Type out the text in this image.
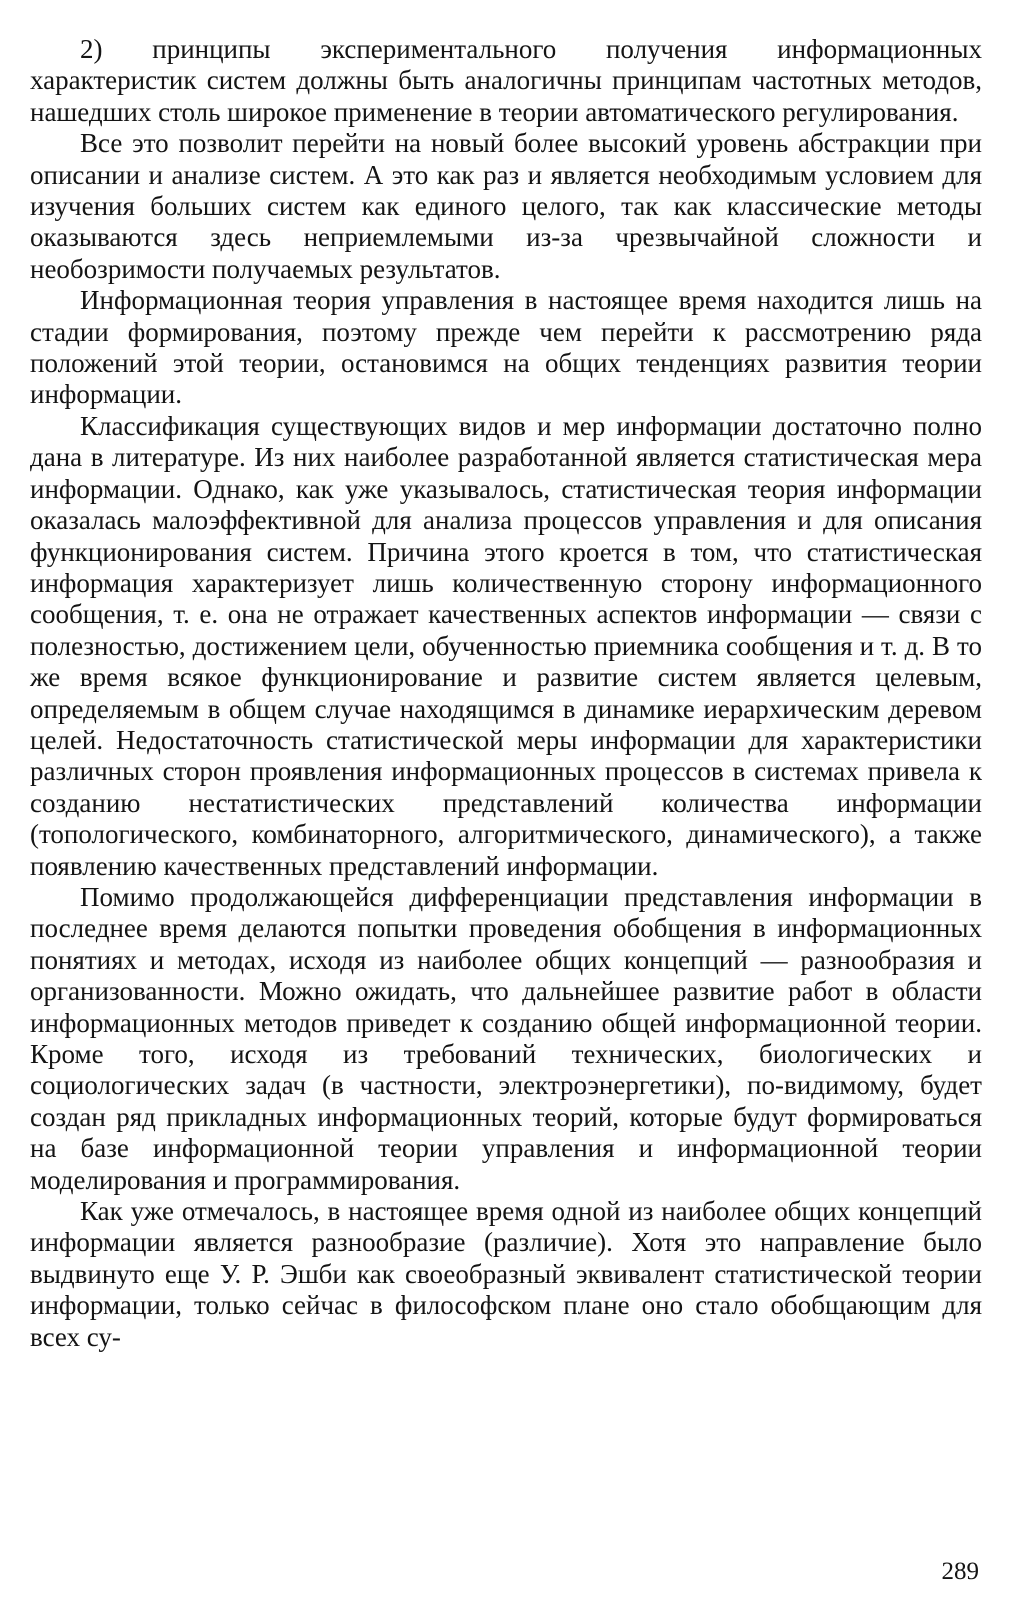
2) принципы экспериментального получения информационных характеристик систем должны быть аналогичны принципам частотных методов, нашедших столь широкое применение в теории автоматического регулирования.

Все это позволит перейти на новый более высокий уровень абстракции при описании и анализе систем. А это как раз и является необходимым условием для изучения больших систем как единого целого, так как классические методы оказываются здесь неприемлемыми из-за чрезвычайной сложности и необозримости получаемых результатов.

Информационная теория управления в настоящее время находится лишь на стадии формирования, поэтому прежде чем перейти к рассмотрению ряда положений этой теории, остановимся на общих тенденциях развития теории информации.

Классификация существующих видов и мер информации достаточно полно дана в литературе. Из них наиболее разработанной является статистическая мера информации. Однако, как уже указывалось, статистическая теория информации оказалась малоэффективной для анализа процессов управления и для описания функционирования систем. Причина этого кроется в том, что статистическая информация характеризует лишь количественную сторону информационного сообщения, т. е. она не отражает качественных аспектов информации — связи с полезностью, достижением цели, обученностью приемника сообщения и т. д. В то же время всякое функционирование и развитие систем является целевым, определяемым в общем случае находящимся в динамике иерархическим деревом целей. Недостаточность статистической меры информации для характеристики различных сторон проявления информационных процессов в системах привела к созданию нестатистических представлений количества информации (топологического, комбинаторного, алгоритмического, динамического), а также появлению качественных представлений информации.

Помимо продолжающейся дифференциации представления информации в последнее время делаются попытки проведения обобщения в информационных понятиях и методах, исходя из наиболее общих концепций — разнообразия и организованности. Можно ожидать, что дальнейшее развитие работ в области информационных методов приведет к созданию общей информационной теории. Кроме того, исходя из требований технических, биологических и социологических задач (в частности, электроэнергетики), по-видимому, будет создан ряд прикладных информационных теорий, которые будут формироваться на базе информационной теории управления и информационной теории моделирования и программирования.

Как уже отмечалось, в настоящее время одной из наиболее общих концепций информации является разнообразие (различие). Хотя это направление было выдвинуто еще У. Р. Эшби как своеобразный эквивалент статистической теории информации, только сейчас в философском плане оно стало обобщающим для всех су-

289
